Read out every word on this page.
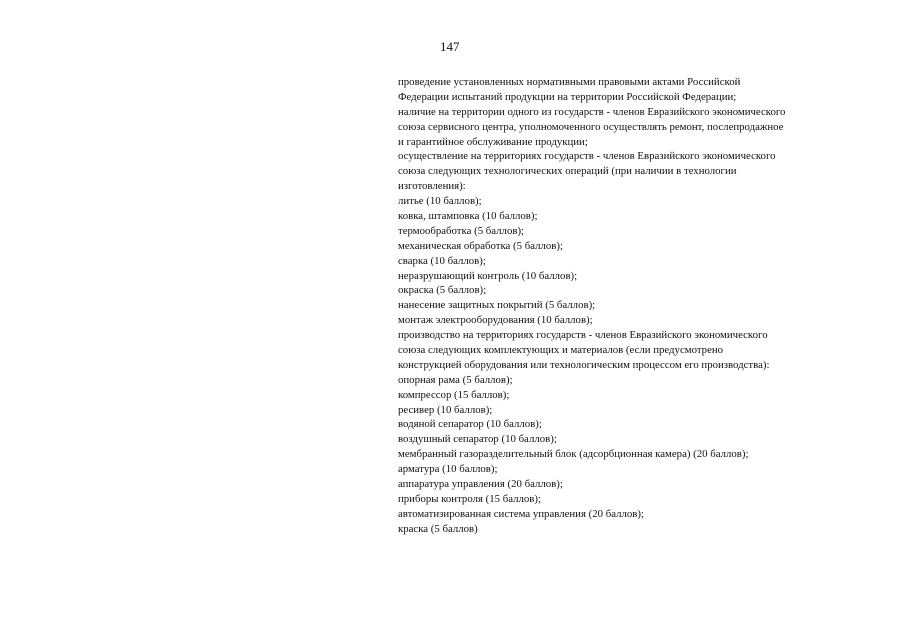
147
проведение установленных нормативными правовыми актами Российской
Федерации испытаний продукции на территории Российской Федерации;
наличие на территории одного из государств - членов Евразийского экономического
союза сервисного центра, уполномоченного осуществлять ремонт, послепродажное
и гарантийное обслуживание продукции;
осуществление на территориях государств - членов Евразийского экономического
союза следующих технологических операций (при наличии в технологии
изготовления):
литье (10 баллов);
ковка, штамповка (10 баллов);
термообработка (5 баллов);
механическая обработка (5 баллов);
сварка (10 баллов);
неразрушающий контроль (10 баллов);
окраска (5 баллов);
нанесение защитных покрытий (5 баллов);
монтаж электрооборудования (10 баллов);
производство на территориях государств - членов Евразийского экономического
союза следующих комплектующих и материалов (если предусмотрено
конструкцией оборудования или технологическим процессом его производства):
опорная рама (5 баллов);
компрессор (15 баллов);
ресивер (10 баллов);
водяной сепаратор (10 баллов);
воздушный сепаратор (10 баллов);
мембранный газоразделительный блок (адсорбционная камера) (20 баллов);
арматура (10 баллов);
аппаратура управления (20 баллов);
приборы контроля (15 баллов);
автоматизированная система управления (20 баллов);
краска (5 баллов)
